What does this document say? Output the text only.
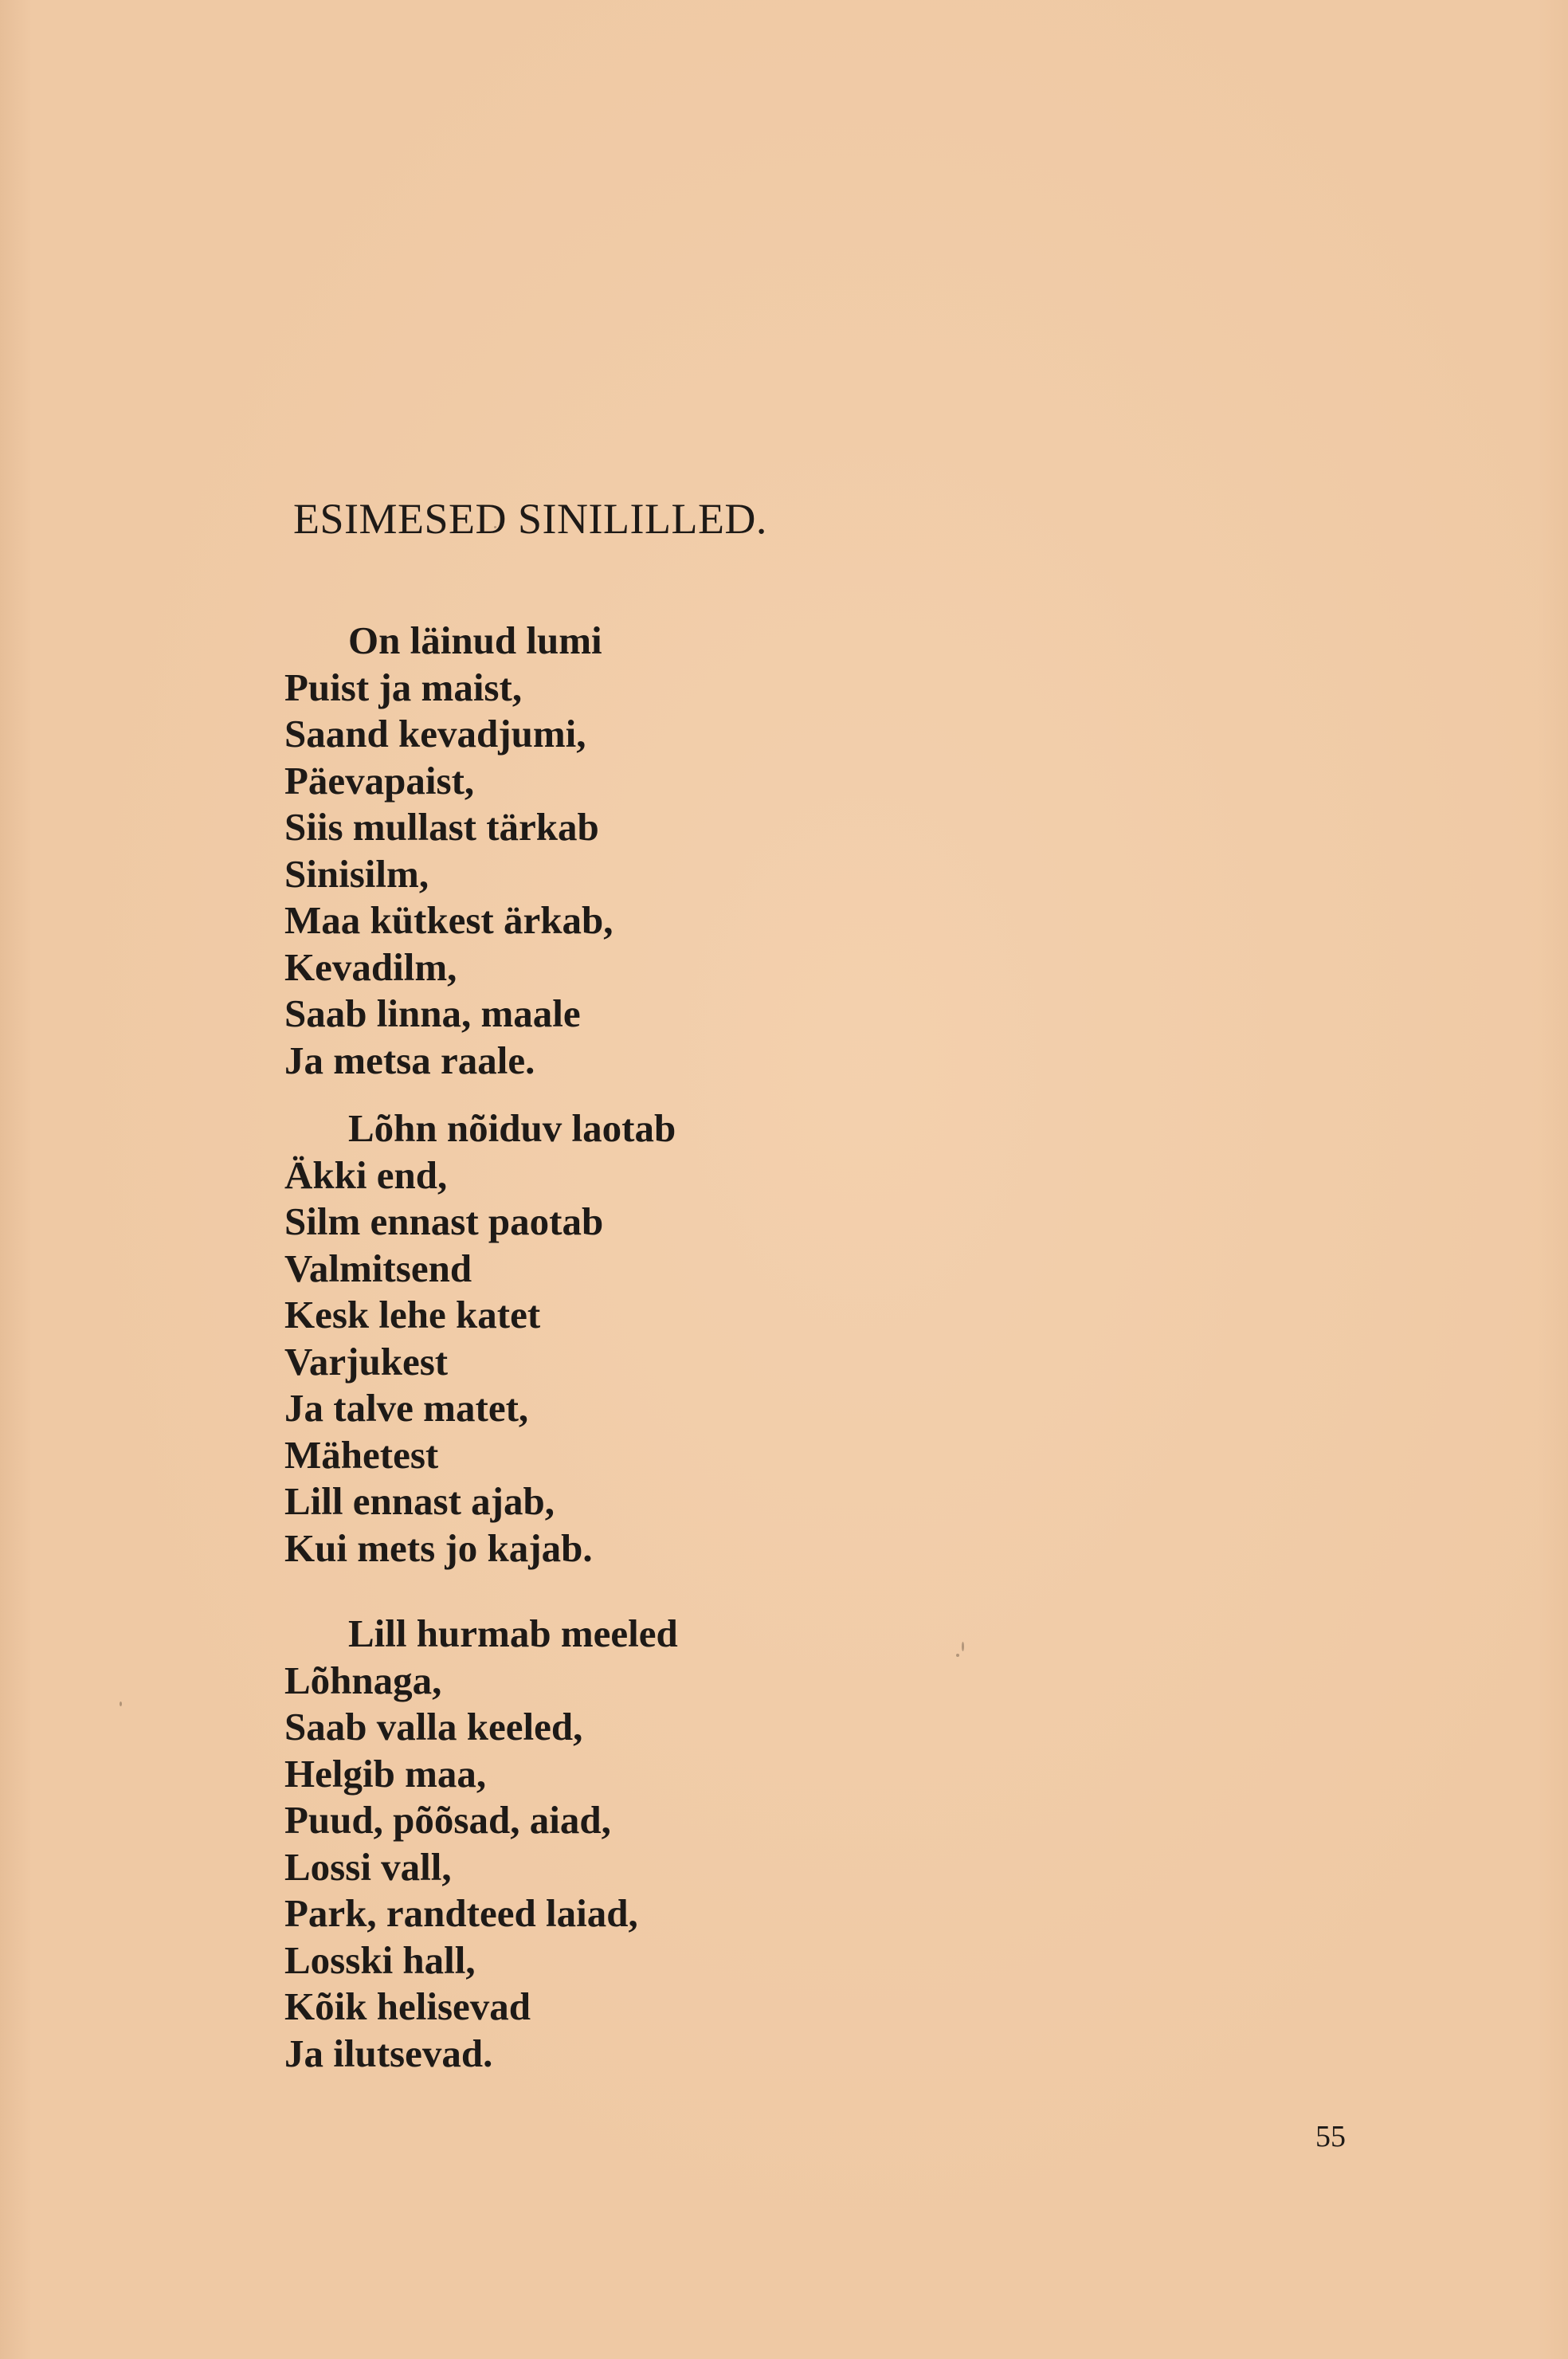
ESIMESED SINILILLED.
On läinud lumi
Puist ja maist,
Saand kevadjumi,
Päevapaist,
Siis mullast tärkab
Sinisilm,
Maa kütkest ärkab,
Kevadilm,
Saab linna, maale
Ja metsa raale.
Lõhn nõiduv laotab
Äkki end,
Silm ennast paotab
Valmitsend
Kesk lehe katet
Varjukest
Ja talve matet,
Mähetest
Lill ennast ajab,
Kui mets jo kajab.
Lill hurmab meeled
Lõhnaga,
Saab valla keeled,
Helgib maa,
Puud, põõsad, aiad,
Lossi vall,
Park, randteed laiad,
Losski hall,
Kõik helisevad
Ja ilutsevad.
55
